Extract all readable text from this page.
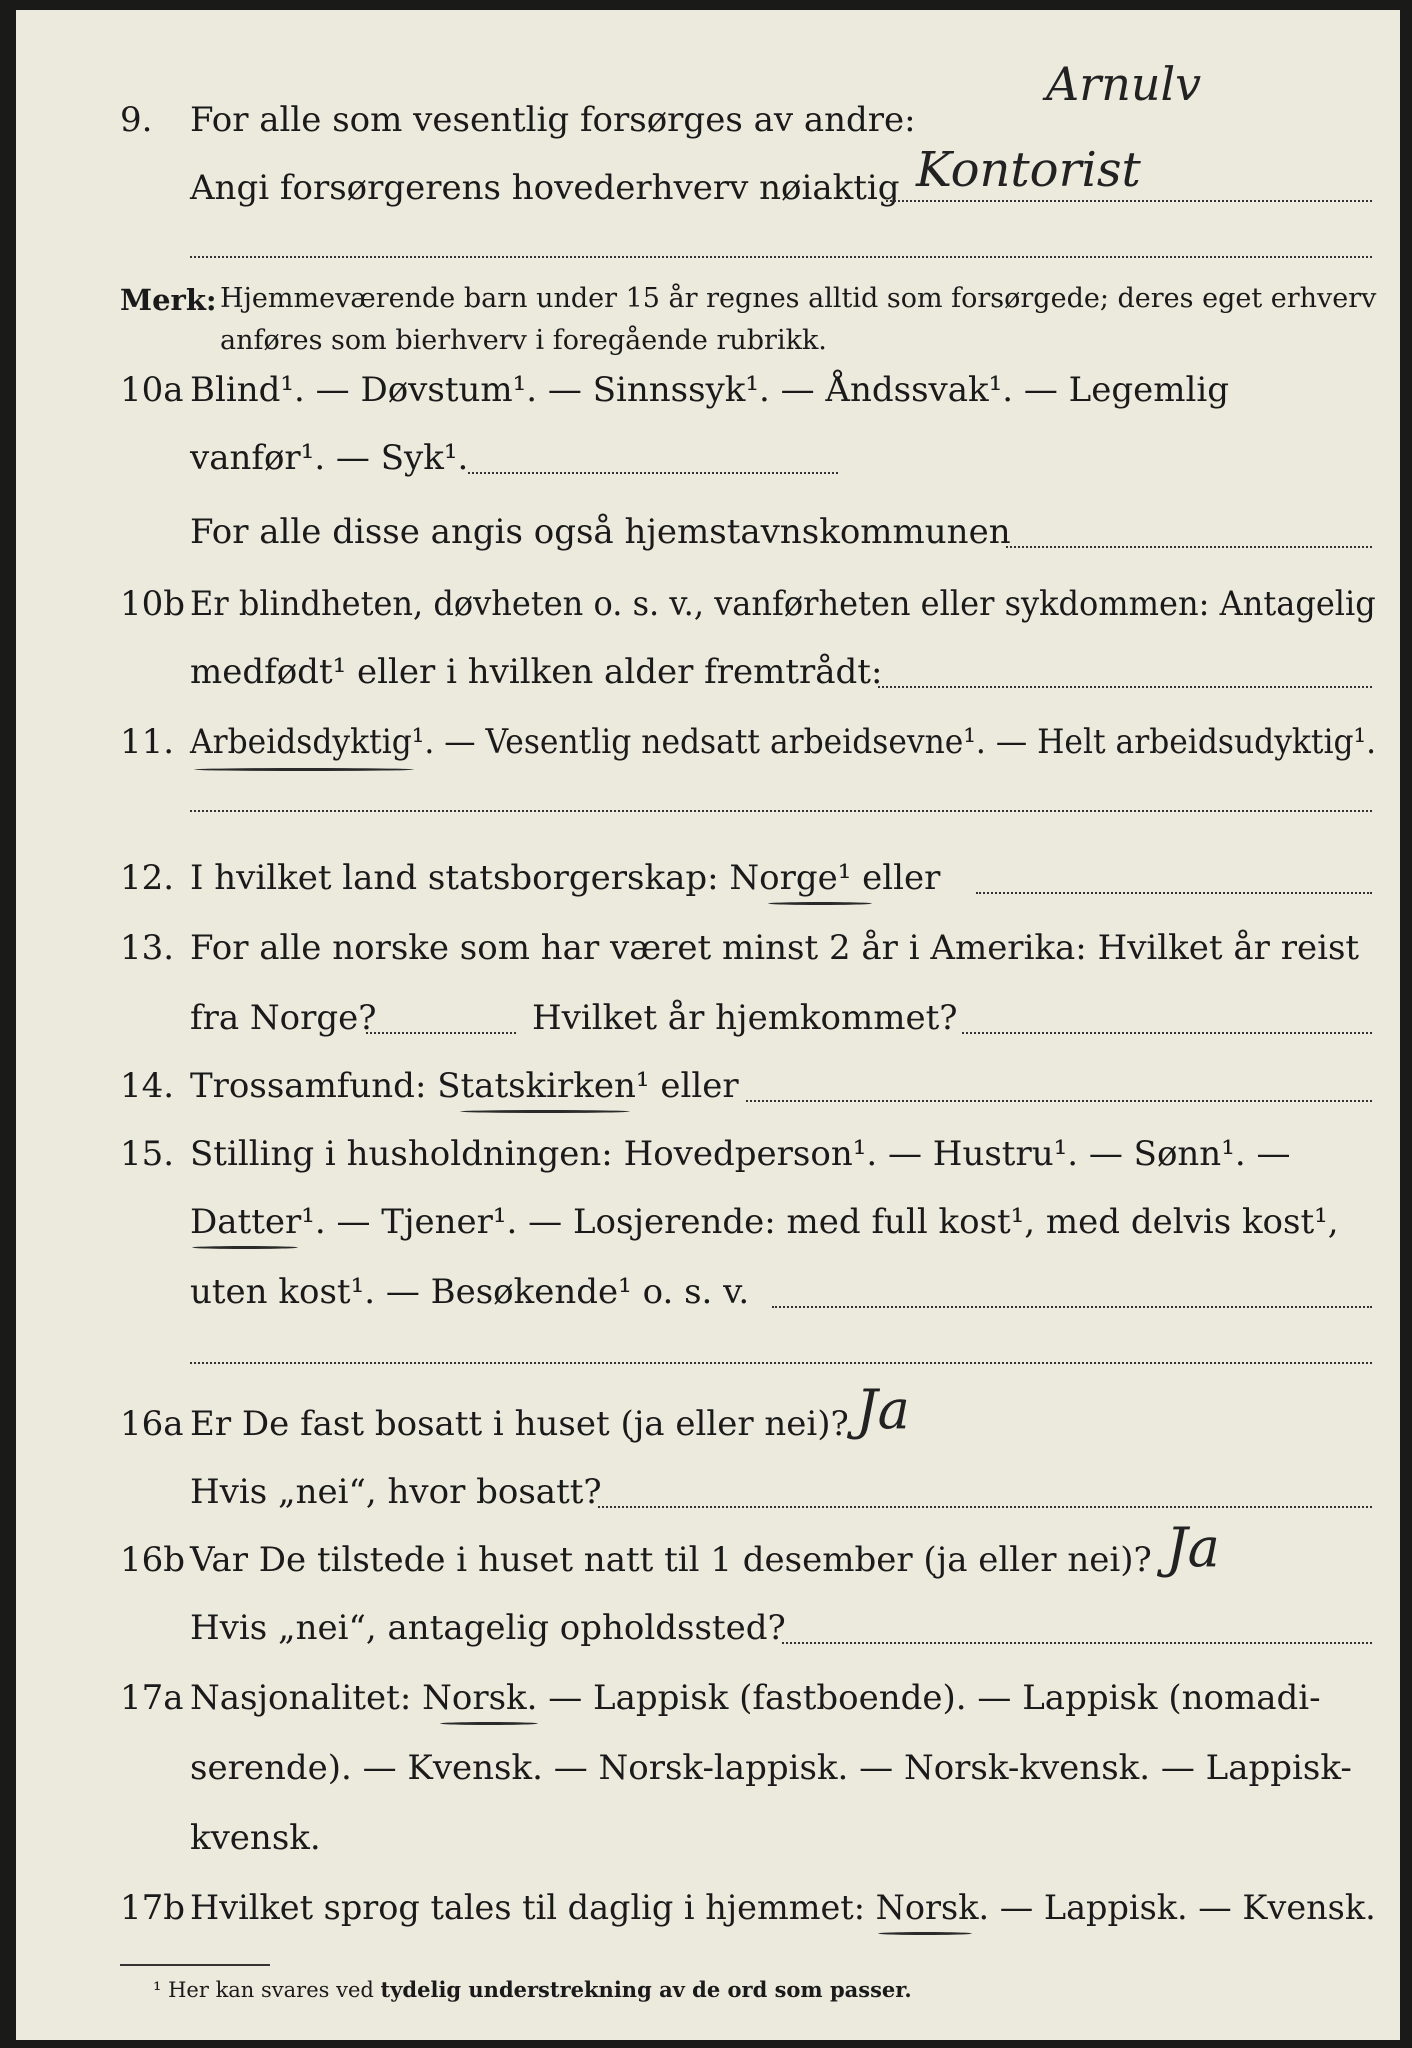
Arnulv
9. For alle som vesentlig forsørges av andre:
Angi forsørgerens hovederhverv nøiaktig Kontorist
Merk: Hjemmeværende barn under 15 år regnes alltid som forsørgede; deres eget erhverv
anføres som bierhverv i foregående rubrikk.
10a Blind¹. — Døvstum¹. — Sinnssyk¹. — Åndssvak¹. — Legemlig
vanfør¹. — Syk¹.
For alle disse angis også hjemstavnskommunen
10b Er blindheten, døvheten o. s. v., vanførheten eller sykdommen: Antagelig
medfødt¹ eller i hvilken alder fremtrådt:
11. Arbeidsdyktig¹. — Vesentlig nedsatt arbeidsevne¹. — Helt arbeidsudyktig¹.
12. I hvilket land statsborgerskap: Norge¹ eller
13. For alle norske som har været minst 2 år i Amerika: Hvilket år reist
fra Norge?	Hvilket år hjemkommet?
14. Trossamfund: Statskirken¹ eller
15. Stilling i husholdningen: Hovedperson¹. — Hustru¹. — Sønn¹. —
Datter¹. — Tjener¹. — Losjerende: med full kost¹, med delvis kost¹,
uten kost¹. — Besøkende¹ o. s. v.
16a Er De fast bosatt i huset (ja eller nei)? Ja
Hvis „nei“, hvor bosatt?
16b Var De tilstede i huset natt til 1 desember (ja eller nei)? Ja
Hvis „nei“, antagelig opholdssted?
17a Nasjonalitet: Norsk. — Lappisk (fastboende). — Lappisk (nomadi-
serende). — Kvensk. — Norsk-lappisk. — Norsk-kvensk. — Lappisk-
kvensk.
17b Hvilket sprog tales til daglig i hjemmet: Norsk. — Lappisk. — Kvensk.
¹ Her kan svares ved tydelig understrekning av de ord som passer.
